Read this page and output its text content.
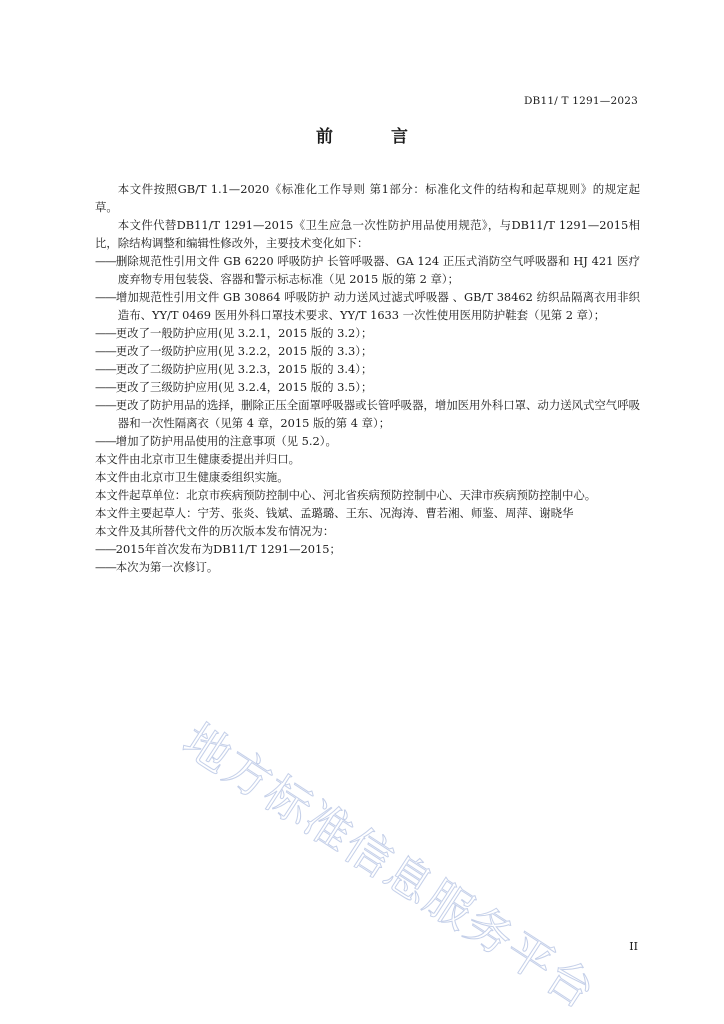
DB11/ T 1291—2023
前 言

本文件按照GB/T 1.1—2020《标准化工作导则 第1部分：标准化文件的结构和起草规则》的规定起草。

本文件代替DB11/T 1291—2015《卫生应急一次性防护用品使用规范》，与DB11/T 1291—2015相比，除结构调整和编辑性修改外，主要技术变化如下：

——删除规范性引用文件 GB 6220 呼吸防护 长管呼吸器、GA 124 正压式消防空气呼吸器和 HJ 421 医疗废弃物专用包装袋、容器和警示标志标准（见 2015 版的第 2 章）；

——增加规范性引用文件 GB 30864 呼吸防护 动力送风过滤式呼吸器 、GB/T 38462 纺织品隔离衣用非织造布、YY/T 0469 医用外科口罩技术要求、YY/T 1633 一次性使用医用防护鞋套（见第 2 章）；

——更改了一般防护应用(见 3.2.1，2015 版的 3.2）；

——更改了一级防护应用(见 3.2.2，2015 版的 3.3）；

——更改了二级防护应用(见 3.2.3，2015 版的 3.4）；

——更改了三级防护应用(见 3.2.4，2015 版的 3.5）；

——更改了防护用品的选择，删除正压全面罩呼吸器或长管呼吸器，增加医用外科口罩、动力送风式空气呼吸器和一次性隔离衣（见第 4 章，2015 版的第 4 章）；

——增加了防护用品使用的注意事项（见 5.2）。

本文件由北京市卫生健康委提出并归口。

本文件由北京市卫生健康委组织实施。

本文件起草单位：北京市疾病预防控制中心、河北省疾病预防控制中心、天津市疾病预防控制中心。

本文件主要起草人：宁芳、张炎、钱斌、孟璐璐、王东、况海涛、曹若湘、师鉴、周萍、谢晓华

本文件及其所替代文件的历次版本发布情况为：

——2015年首次发布为DB11/T 1291—2015；

——本次为第一次修订。

地方标准信息服务平台	II
